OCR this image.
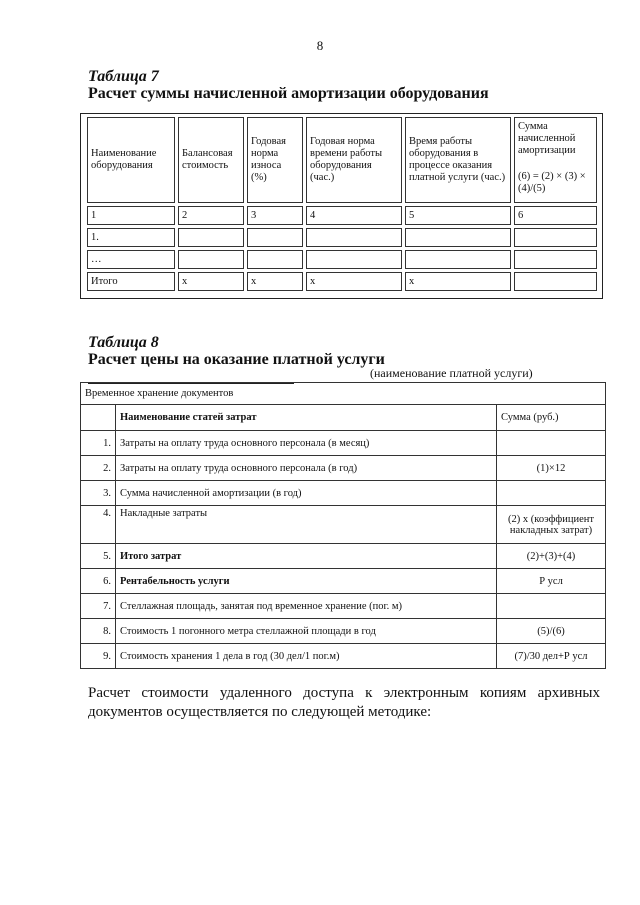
8
Таблица 7
Расчет суммы начисленной амортизации оборудования
Наименование оборудования	Балансовая стоимость	Годовая норма износа (%)	Годовая норма времени работы оборудования (час.)	Время работы оборудования в процессе оказания платной услуги (час.)	Сумма начисленной амортизации
(6) = (2) × (3) × (4)/(5)

1	2	3	4	5	6

1.					

…					

Итого	х	х	х	х	
Таблица 8
Расчет цены на оказание платной услуги
(наименование платной услуги)
Временное хранение документов		
	Наименование статей затрат	Сумма (руб.)
1.	Затраты на оплату труда основного персонала (в месяц)	
2.	Затраты на оплату труда основного персонала (в год)	(1)×12
3.	Сумма начисленной амортизации (в год)	
4.	Накладные затраты	(2) х (коэффициент накладных затрат)
5.	Итого затрат	(2)+(3)+(4)
6.	Рентабельность услуги	Р усл
7.	Стеллажная площадь, занятая под временное хранение (пог. м)	
8.	Стоимость 1 погонного метра стеллажной площади в год	(5)/(6)
9.	Стоимость хранения 1 дела в год (30 дел/1 пог.м)	(7)/30 дел+Р усл
Расчет стоимости удаленного доступа к электронным копиям архивных документов осуществляется по следующей методике:
